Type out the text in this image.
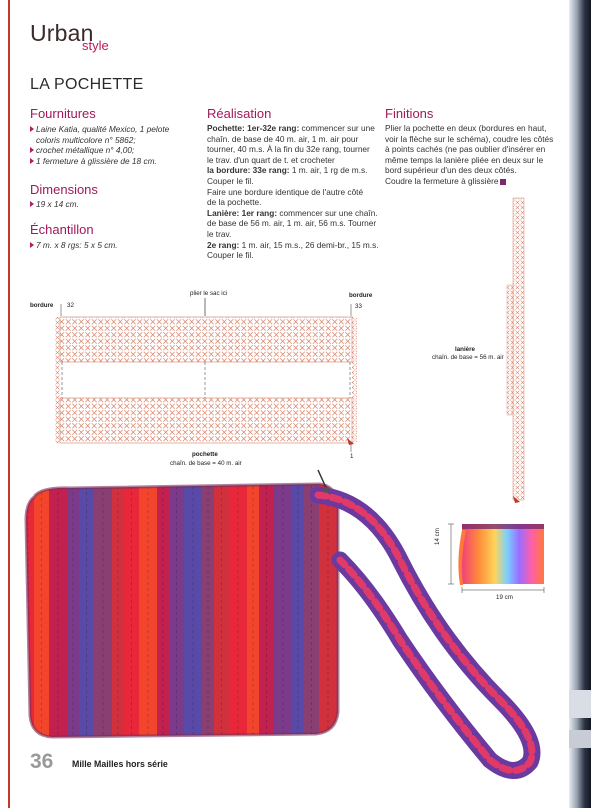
Urban
style
LA POCHETTE
Fournitures
Laine Katia, qualité Mexico, 1 pelote
coloris multicolore n° 5862;
crochet métallique n° 4,00;
1 fermeture à glissière de 18 cm.
Dimensions
19 x 14 cm.
Échantillon
7 m. x 8 rgs: 5 x 5 cm.
Réalisation
Pochette: 1er-32e rang: commencer sur une
chaîn. de base de 40 m. air, 1 m. air pour
tourner, 40 m.s. À la fin du 32e rang, tourner
le trav. d'un quart de t. et crocheter
la bordure: 33e rang: 1 m. air, 1 rg de m.s.
Couper le fil.
Faire une bordure identique de l'autre côté
de la pochette.
Lanière: 1er rang: commencer sur une chaîn.
de base de 56 m. air, 1 m. air, 56 m.s. Tourner
le trav.
2e rang: 1 m. air, 15 m.s., 26 demi-br., 15 m.s.
Couper le fil.
Finitions
Plier la pochette en deux (bordures en haut,
voir la flèche sur le schéma), coudre les côtés
à points cachés (ne pas oublier d'insérer en
même temps la lanière pliée en deux sur le
bord supérieur d'un des deux côtés.
Coudre la fermeture à glissière
plier le sac ici
bordure
bordure
32	33
1
pochette
chaîn. de base = 40 m. air
lanière
chaîn. de base = 56 m. air
14 cm
19 cm
36 Mille Mailles hors série
